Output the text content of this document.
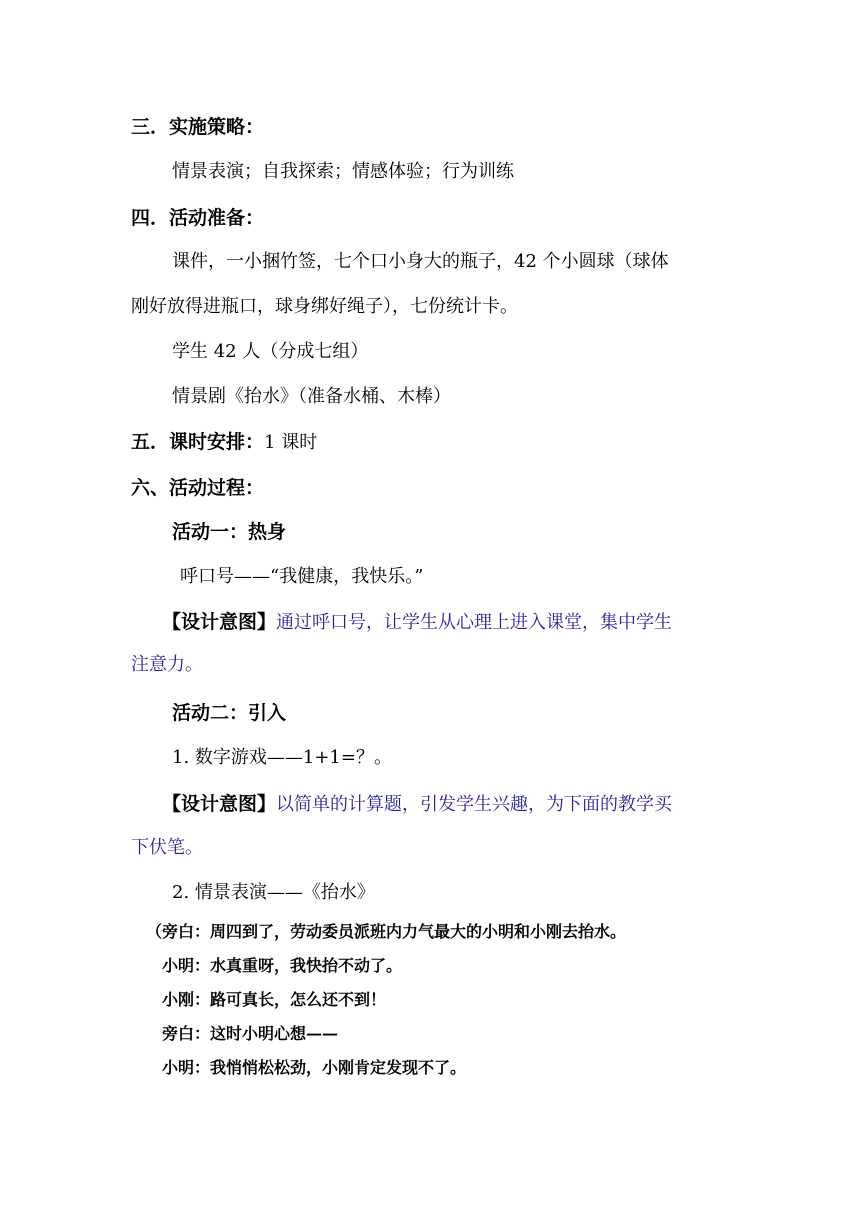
三．实施策略：
情景表演；自我探索；情感体验；行为训练
四．活动准备：
课件，一小捆竹签，七个口小身大的瓶子，42 个小圆球（球体
刚好放得进瓶口，球身绑好绳子），七份统计卡。
学生 42 人（分成七组）
情景剧《抬水》（准备水桶、木棒）
五．课时安排：1 课时
六、活动过程：
活动一：热身
呼口号——“我健康，我快乐。”
【设计意图】通过呼口号，让学生从心理上进入课堂，集中学生
注意力。
活动二：引入
1. 数字游戏——1+1=？。
【设计意图】以简单的计算题，引发学生兴趣，为下面的教学买
下伏笔。
2. 情景表演——《抬水》
（旁白：周四到了，劳动委员派班内力气最大的小明和小刚去抬水。
小明：水真重呀，我快抬不动了。
小刚：路可真长，怎么还不到！
旁白：这时小明心想——
小明：我悄悄松松劲，小刚肯定发现不了。
